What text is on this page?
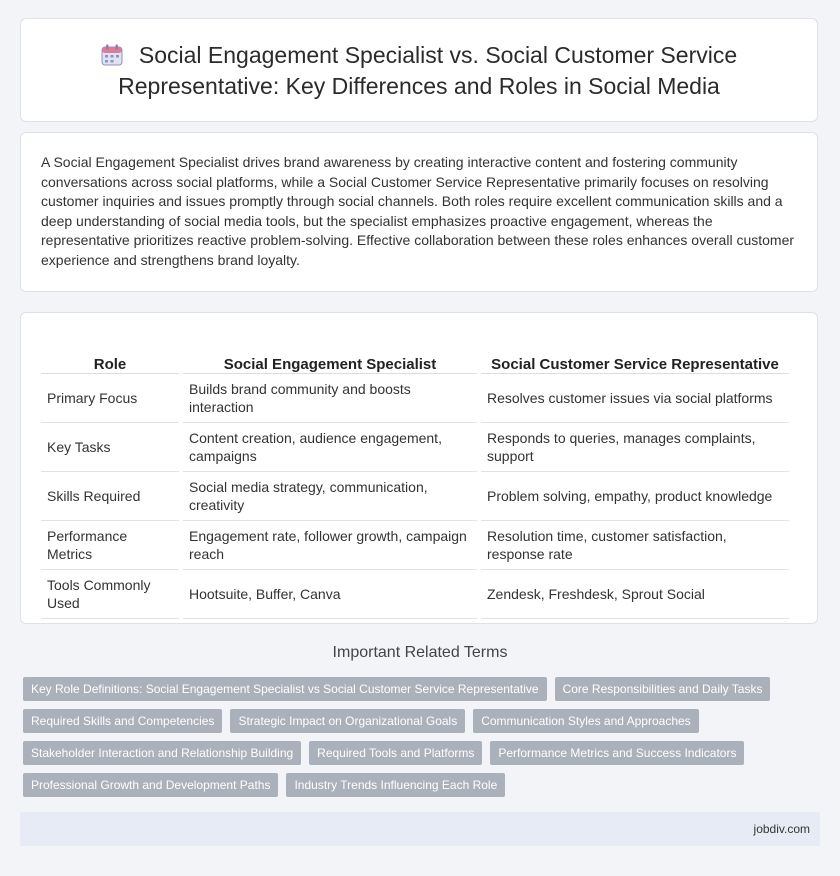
Social Engagement Specialist vs. Social Customer Service Representative: Key Differences and Roles in Social Media

A Social Engagement Specialist drives brand awareness by creating interactive content and fostering community conversations across social platforms, while a Social Customer Service Representative primarily focuses on resolving customer inquiries and issues promptly through social channels. Both roles require excellent communication skills and a deep understanding of social media tools, but the specialist emphasizes proactive engagement, whereas the representative prioritizes reactive problem-solving. Effective collaboration between these roles enhances overall customer experience and strengthens brand loyalty.

Role	Social Engagement Specialist	Social Customer Service Representative
Primary Focus	Builds brand community and boosts interaction	Resolves customer issues via social platforms
Key Tasks	Content creation, audience engagement, campaigns	Responds to queries, manages complaints, support
Skills Required	Social media strategy, communication, creativity	Problem solving, empathy, product knowledge
Performance Metrics	Engagement rate, follower growth, campaign reach	Resolution time, customer satisfaction, response rate
Tools Commonly Used	Hootsuite, Buffer, Canva	Zendesk, Freshdesk, Sprout Social
Important Related Terms
Key Role Definitions: Social Engagement Specialist vs Social Customer Service Representative	Core Responsibilities and Daily Tasks
Required Skills and Competencies	Strategic Impact on Organizational Goals	Communication Styles and Approaches
Stakeholder Interaction and Relationship Building	Required Tools and Platforms	Performance Metrics and Success Indicators
Professional Growth and Development Paths	Industry Trends Influencing Each Role
jobdiv.com
